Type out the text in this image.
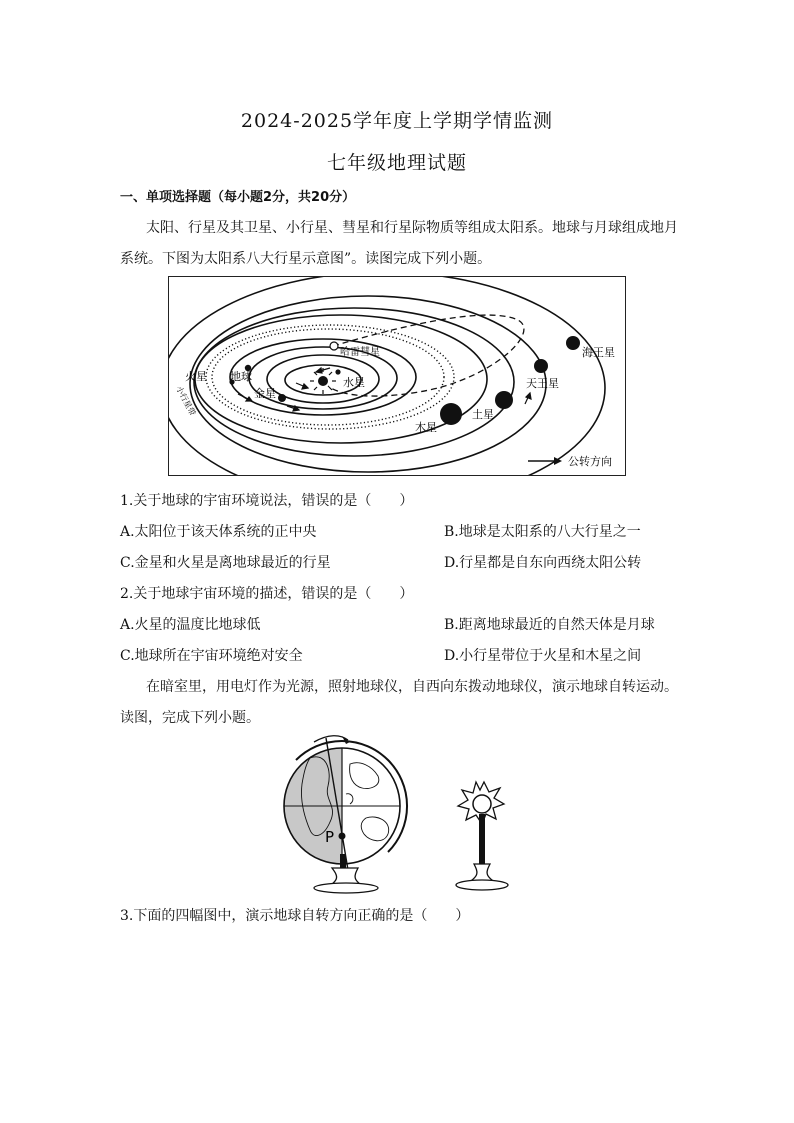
2024-2025学年度上学期学情监测
七年级地理试题
一、单项选择题（每小题2分，共20分）
太阳、行星及其卫星、小行星、彗星和行星际物质等组成太阳系。地球与月球组成地月
系统。下图为太阳系八大行星示意图”。读图完成下列小题。
水星
金星
地球
火星
木星
土星
天王星
海王星
哈雷彗星
小行星带
公转方向
1.关于地球的宇宙环境说法，错误的是（　　）
A.太阳位于该天体系统的正中央	B.地球是太阳系的八大行星之一
C.金星和火星是离地球最近的行星	D.行星都是自东向西绕太阳公转
2.关于地球宇宙环境的描述，错误的是（　　）
A.火星的温度比地球低	B.距离地球最近的自然天体是月球
C.地球所在宇宙环境绝对安全	D.小行星带位于火星和木星之间
在暗室里，用电灯作为光源，照射地球仪，自西向东拨动地球仪，演示地球自转运动。
读图，完成下列小题。
P
3.下面的四幅图中，演示地球自转方向正确的是（　　）
